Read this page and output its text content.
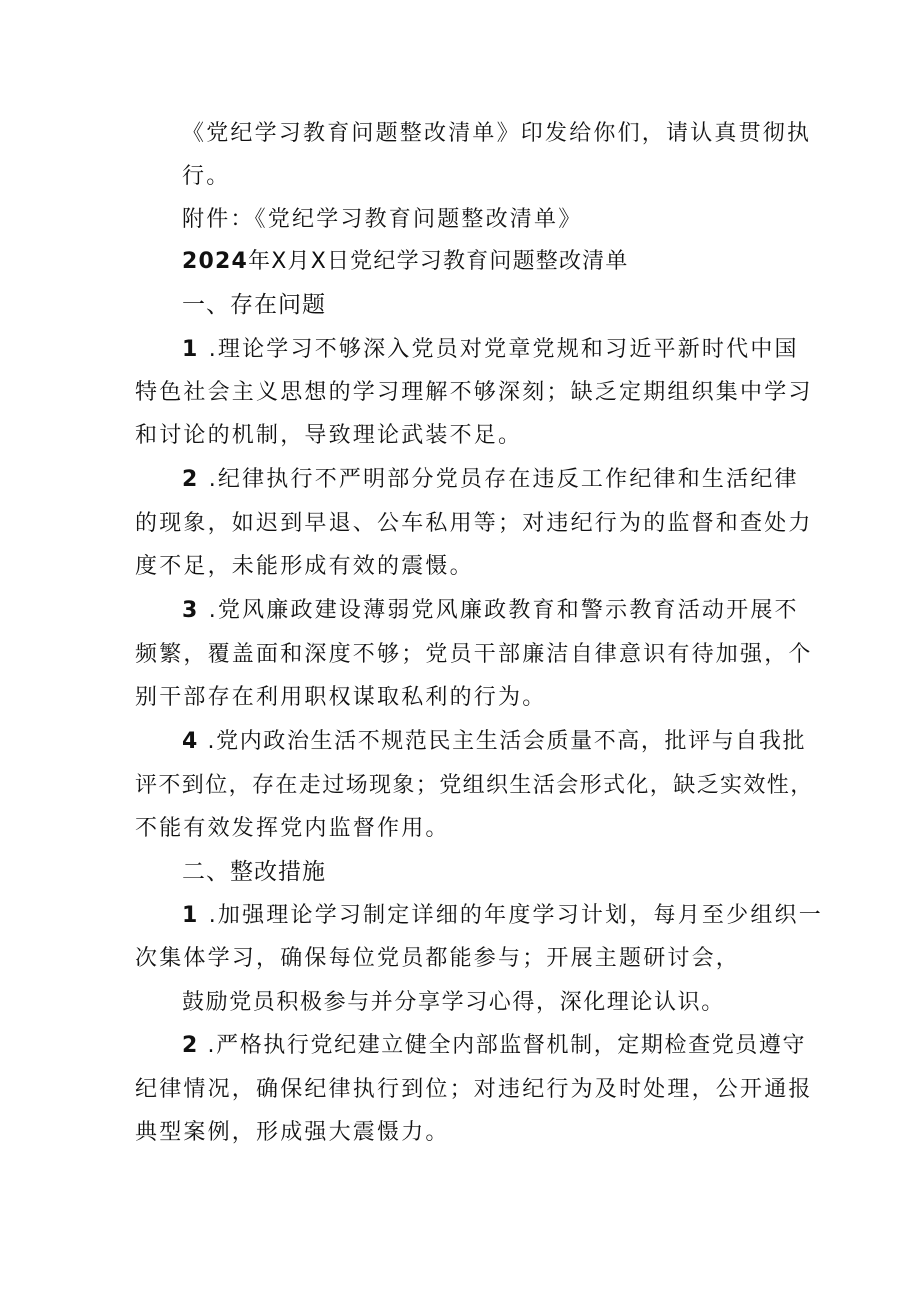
《党纪学习教育问题整改清单》印发给你们，请认真贯彻执
行。
附件：《党纪学习教育问题整改清单》
2024年X月X日党纪学习教育问题整改清单
一、存在问题
1 .理论学习不够深入党员对党章党规和习近平新时代中国
特色社会主义思想的学习理解不够深刻；缺乏定期组织集中学习
和讨论的机制，导致理论武装不足。
2 .纪律执行不严明部分党员存在违反工作纪律和生活纪律
的现象，如迟到早退、公车私用等；对违纪行为的监督和查处力
度不足，未能形成有效的震慑。
3 .党风廉政建设薄弱党风廉政教育和警示教育活动开展不
频繁，覆盖面和深度不够；党员干部廉洁自律意识有待加强，个
别干部存在利用职权谋取私利的行为。
4 .党内政治生活不规范民主生活会质量不高，批评与自我批
评不到位，存在走过场现象；党组织生活会形式化，缺乏实效性，
不能有效发挥党内监督作用。
二、整改措施
1 .加强理论学习制定详细的年度学习计划，每月至少组织一
次集体学习，确保每位党员都能参与；开展主题研讨会，
鼓励党员积极参与并分享学习心得，深化理论认识。
2 .严格执行党纪建立健全内部监督机制，定期检查党员遵守
纪律情况，确保纪律执行到位；对违纪行为及时处理，公开通报
典型案例，形成强大震慑力。
